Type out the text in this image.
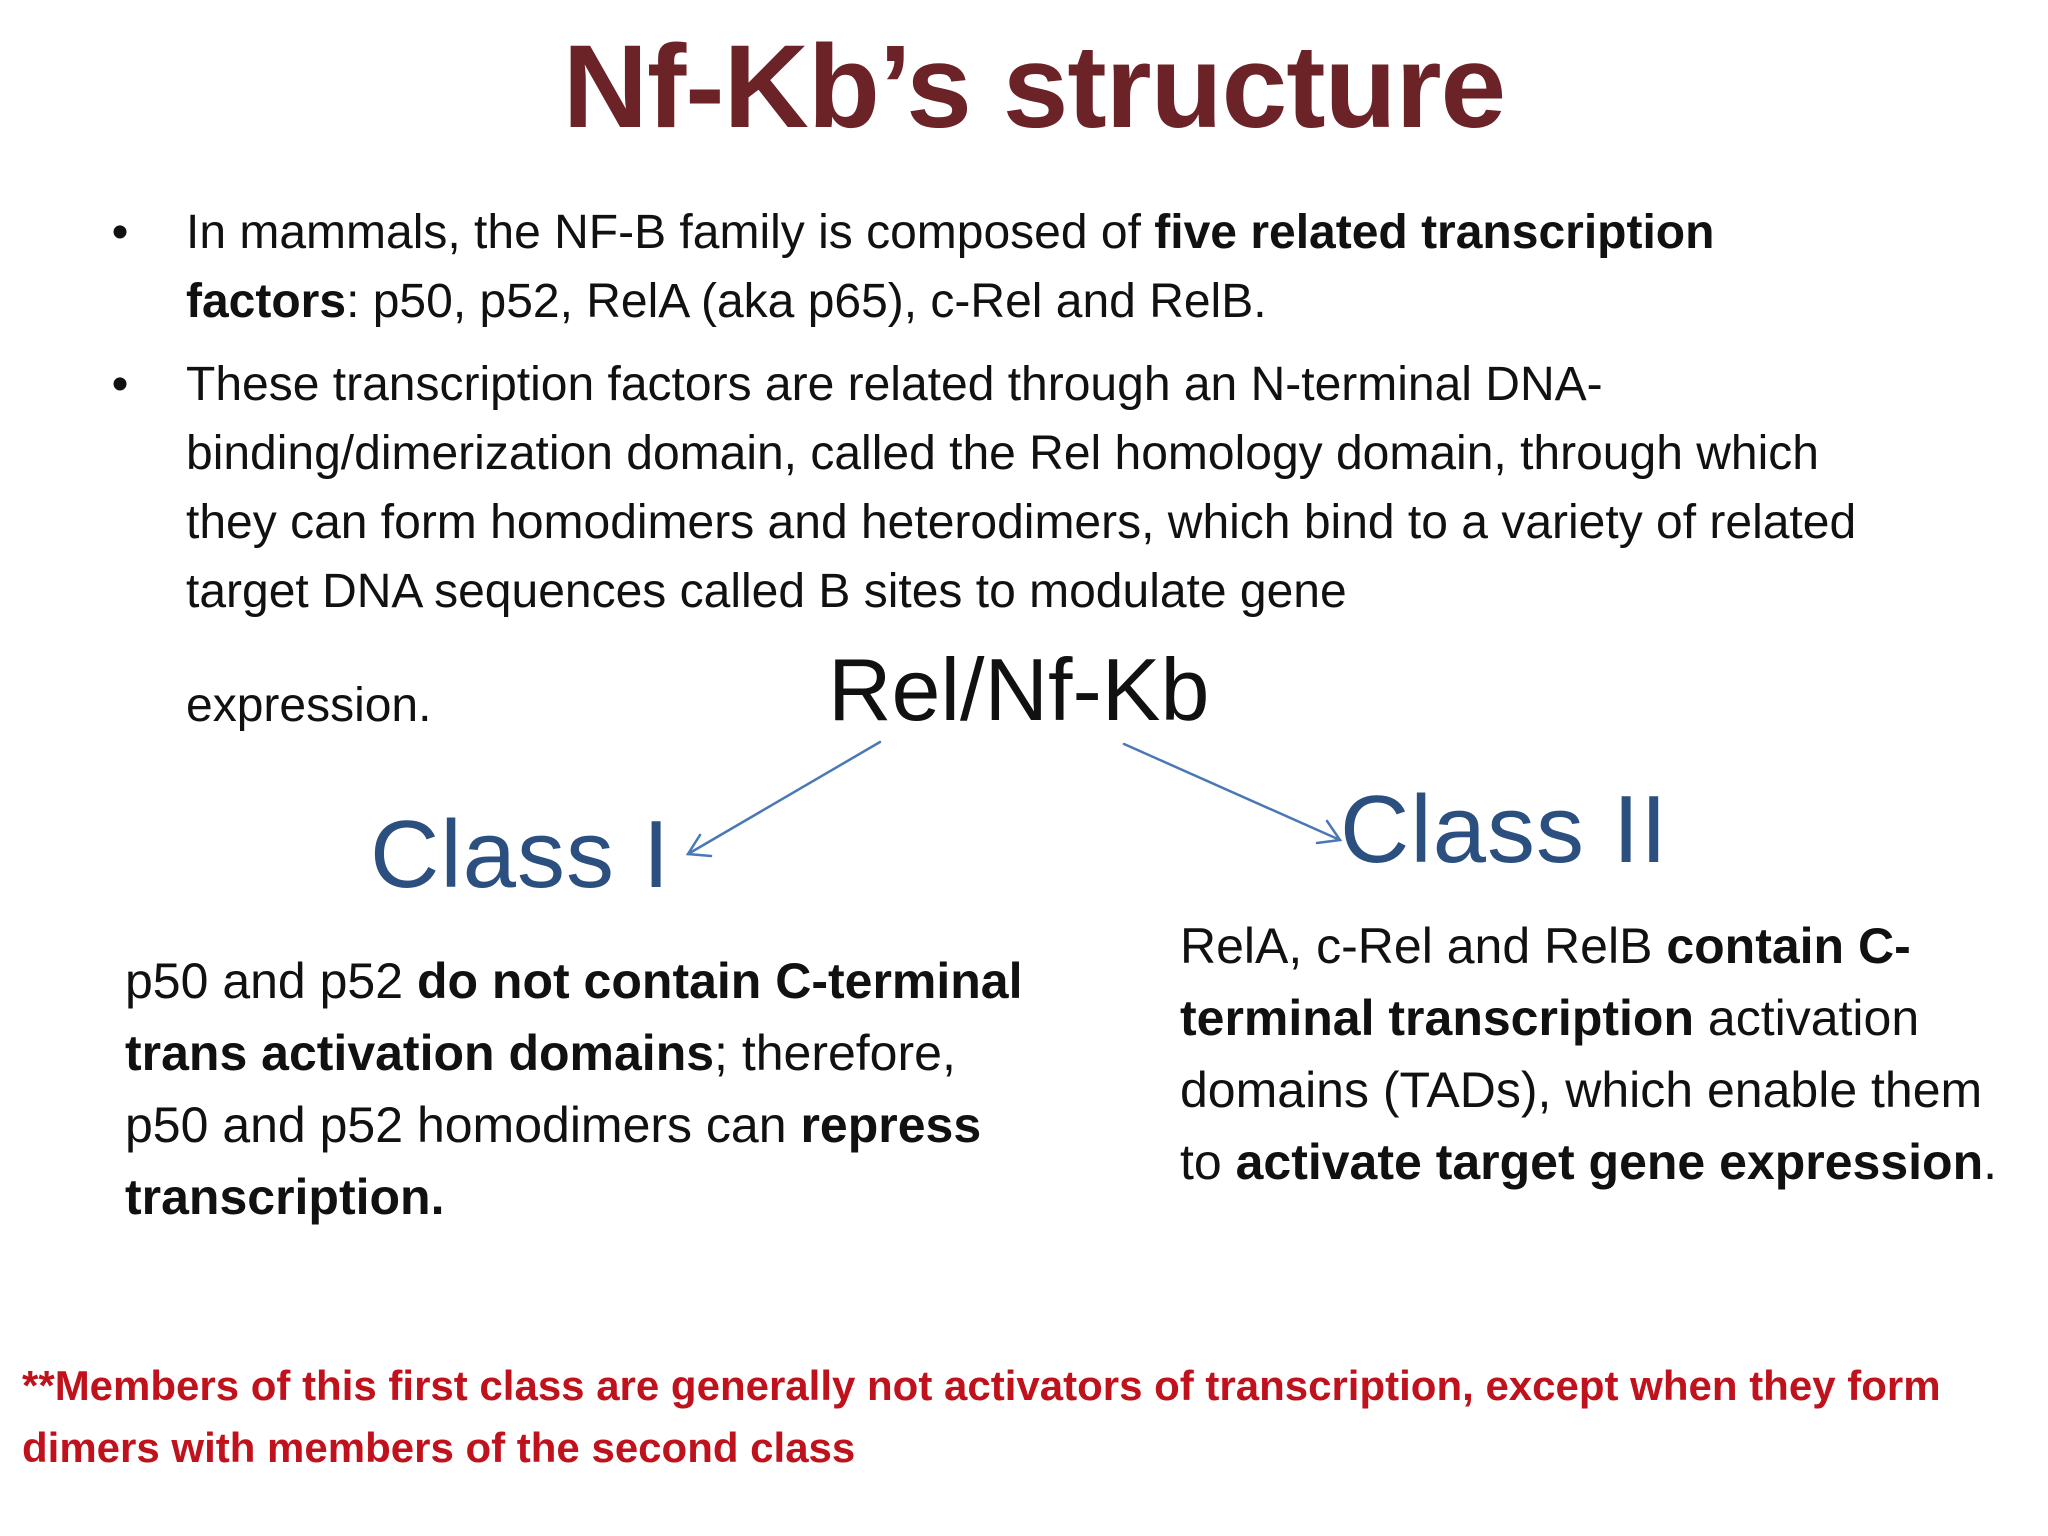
Nf-Kb’s structure
• In mammals, the NF-B family is composed of five related transcription factors: p50, p52, RelA (aka p65), c-Rel and RelB.
• These transcription factors are related through an N-terminal DNA-binding/dimerization domain, called the Rel homology domain, through which they can form homodimers and heterodimers, which bind to a variety of related target DNA sequences called B sites to modulate gene
expression.	Rel/Nf-Kb
Class I	Class II
p50 and p52 do not contain C-terminal trans activation domains; therefore, p50 and p52 homodimers can repress transcription.
RelA, c-Rel and RelB contain C-terminal transcription activation domains (TADs), which enable them to activate target gene expression.
**Members of this first class are generally not activators of transcription, except when they form dimers with members of the second class
